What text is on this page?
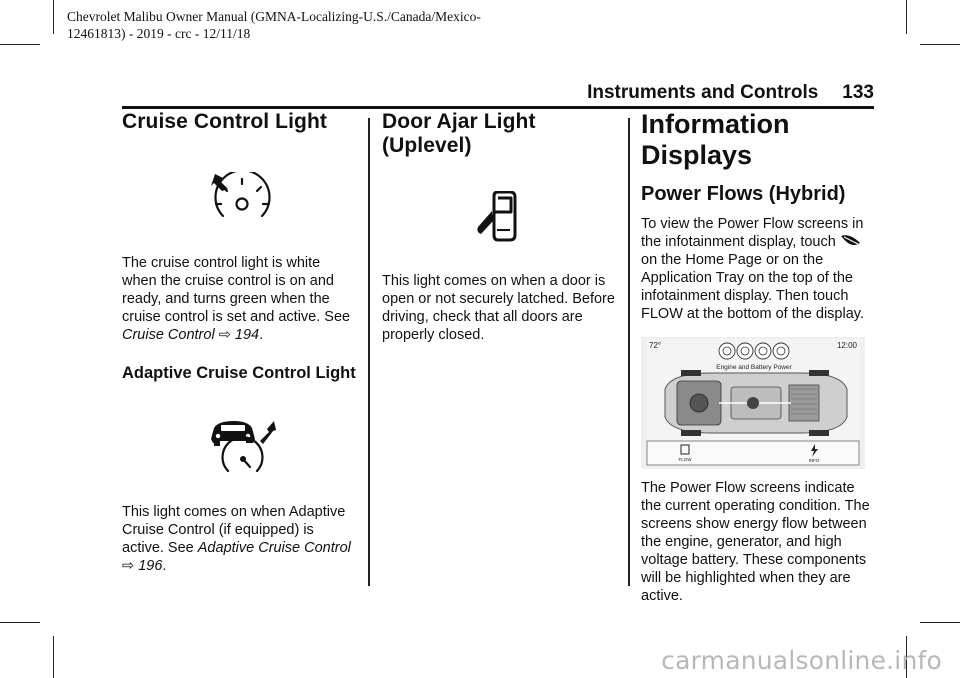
Chevrolet Malibu Owner Manual (GMNA-Localizing-U.S./Canada/Mexico-
12461813) - 2019 - crc - 12/11/18
Instruments and Controls 133
Cruise Control Light

The cruise control light is white when the cruise control is on and ready, and turns green when the cruise control is set and active. See Cruise Control ⇨ 194.

Adaptive Cruise Control Light

This light comes on when Adaptive Cruise Control (if equipped) is active. See Adaptive Cruise Control
⇨ 196.

Door Ajar Light (Uplevel)

This light comes on when a door is open or not securely latched. Before driving, check that all doors are properly closed.

Information Displays
Power Flows (Hybrid)

To view the Power Flow screens in the infotainment display, touch
on the Home Page or on the Application Tray on the top of the infotainment display. Then touch FLOW at the bottom of the display.

72°	12:00
Engine and Battery Power
FLOW	INFO

The Power Flow screens indicate the current operating condition. The screens show energy flow between the engine, generator, and high voltage battery. These components will be highlighted when they are active.

carmanualsonline.info
